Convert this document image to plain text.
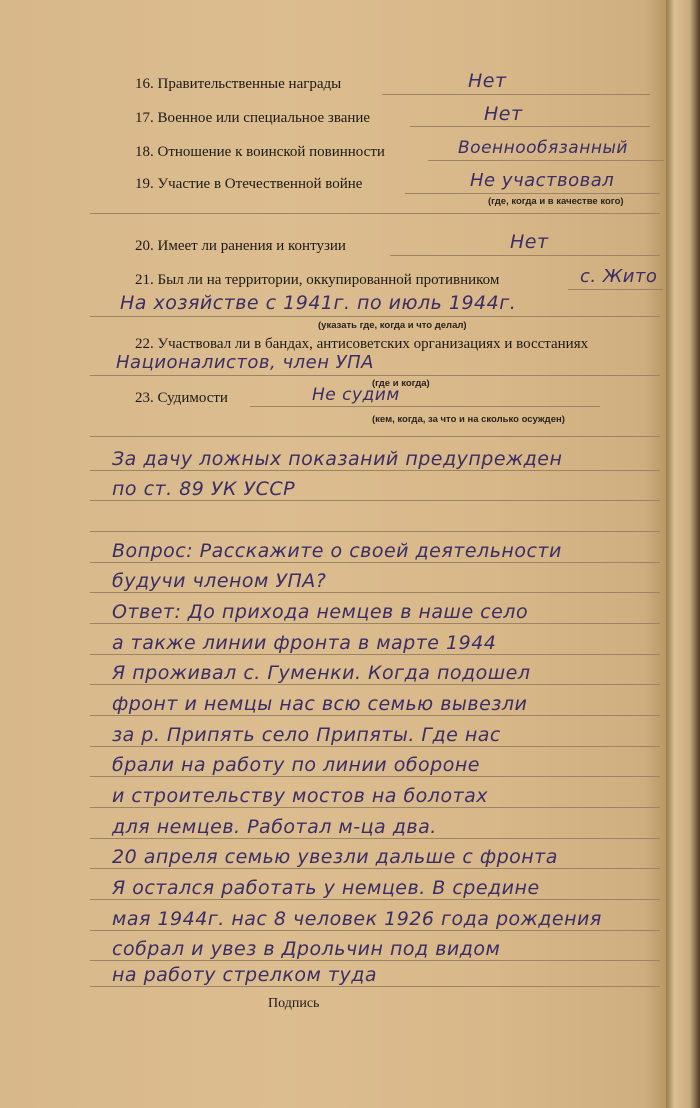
16. Правительственные награды	Нет
17. Военное или специальное звание	Нет
18. Отношение к воинской повинности	Военнообязанный
19. Участие в Отечественной войне	Не участвовал
(где, когда и в качестве кого)
20. Имеет ли ранения и контузии	Нет
21. Был ли на территории, оккупированной противником	с. Жито
На хозяйстве с 1941г. по июль 1944г.
(указать где, когда и что делал)
22. Участвовал ли в бандах, антисоветских организациях и восстаниях
Националистов, член УПА
(где и когда)
23. Судимости	Не судим
(кем, когда, за что и на сколько осужден)
За дачу ложных показаний предупрежден
по ст. 89 УК УССР
Вопрос: Расскажите о своей деятельности
будучи членом УПА?
Ответ: До прихода немцев в наше село
а также линии фронта в марте 1944
Я проживал с. Гуменки. Когда подошел
фронт и немцы нас всю семью вывезли
за р. Припять село Припяты. Где нас
брали на работу по линии обороне
и строительству мостов на болотах
для немцев. Работал м-ца два.
20 апреля семью увезли дальше с фронта
Я остался работать у немцев. В средине
мая 1944г. нас 8 человек 1926 года рождения
собрал и увез в Дрольчин под видом
на работу стрелком туда
Подпись
